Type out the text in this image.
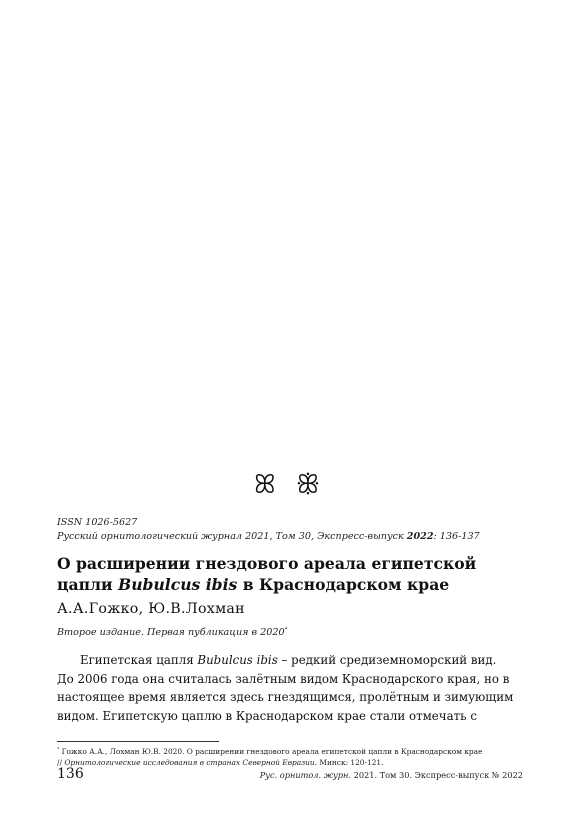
ꕤ ꕥ
ISSN 1026-5627
Русский орнитологический журнал 2021, Том 30, Экспресс-выпуск 2022: 136-137
О расширении гнездового ареала египетской
цапли Bubulcus ibis в Краснодарском крае
А.А.Гожко, Ю.В.Лохман
Второе издание. Первая публикация в 2020*
Египетская цапля Bubulcus ibis – редкий средиземноморский вид.
До 2006 года она считалась залётным видом Краснодарского края, но в
настоящее время является здесь гнездящимся, пролётным и зимующим
видом. Египетскую цаплю в Краснодарском крае стали отмечать с
* Гожко А.А., Лохман Ю.В. 2020. О расширении гнездового ареала египетской цапли в Краснодарском крае
// Орнитологические исследования в странах Северной Евразии. Минск: 120-121.
136	Рус. орнитол. журн. 2021. Том 30. Экспресс-выпуск № 2022
